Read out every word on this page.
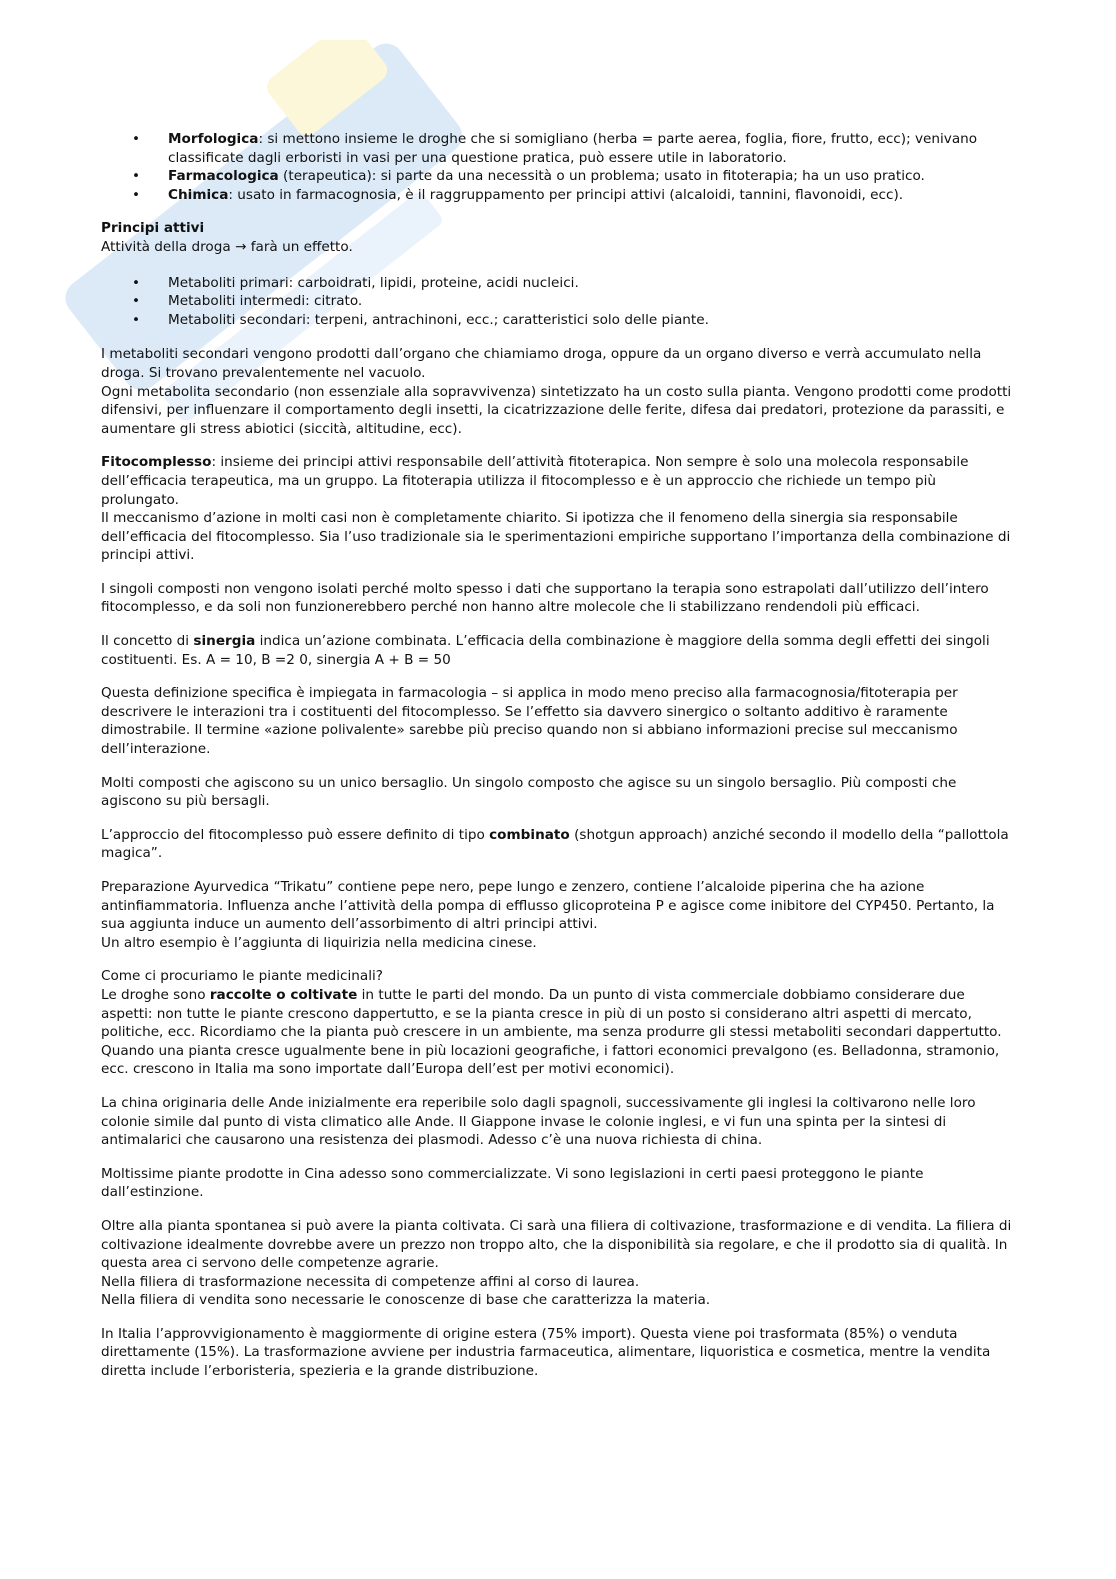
• Morfologica: si mettono insieme le droghe che si somigliano (herba = parte aerea, foglia, fiore, frutto, ecc); venivano classificate dagli erboristi in vasi per una questione pratica, può essere utile in laboratorio.
• Farmacologica (terapeutica): si parte da una necessità o un problema; usato in fitoterapia; ha un uso pratico.
• Chimica: usato in farmacognosia, è il raggruppamento per principi attivi (alcaloidi, tannini, flavonoidi, ecc).

Principi attivi
Attività della droga → farà un effetto.

• Metaboliti primari: carboidrati, lipidi, proteine, acidi nucleici.
• Metaboliti intermedi: citrato.
• Metaboliti secondari: terpeni, antrachinoni, ecc.; caratteristici solo delle piante.

I metaboliti secondari vengono prodotti dall’organo che chiamiamo droga, oppure da un organo diverso e verrà accumulato nella droga. Si trovano prevalentemente nel vacuolo.
Ogni metabolita secondario (non essenziale alla sopravvivenza) sintetizzato ha un costo sulla pianta. Vengono prodotti come prodotti difensivi, per influenzare il comportamento degli insetti, la cicatrizzazione delle ferite, difesa dai predatori, protezione da parassiti, e aumentare gli stress abiotici (siccità, altitudine, ecc).

Fitocomplesso: insieme dei principi attivi responsabile dell’attività fitoterapica. Non sempre è solo una molecola responsabile dell’efficacia terapeutica, ma un gruppo. La fitoterapia utilizza il fitocomplesso e è un approccio che richiede un tempo più prolungato.
Il meccanismo d’azione in molti casi non è completamente chiarito. Si ipotizza che il fenomeno della sinergia sia responsabile dell’efficacia del fitocomplesso. Sia l’uso tradizionale sia le sperimentazioni empiriche supportano l’importanza della combinazione di principi attivi.

I singoli composti non vengono isolati perché molto spesso i dati che supportano la terapia sono estrapolati dall’utilizzo dell’intero fitocomplesso, e da soli non funzionerebbero perché non hanno altre molecole che li stabilizzano rendendoli più efficaci.

Il concetto di sinergia indica un’azione combinata. L’efficacia della combinazione è maggiore della somma degli effetti dei singoli costituenti. Es. A = 10, B =2 0, sinergia A + B = 50

Questa definizione specifica è impiegata in farmacologia – si applica in modo meno preciso alla farmacognosia/fitoterapia per descrivere le interazioni tra i costituenti del fitocomplesso. Se l’effetto sia davvero sinergico o soltanto additivo è raramente dimostrabile. Il termine «azione polivalente» sarebbe più preciso quando non si abbiano informazioni precise sul meccanismo dell’interazione.

Molti composti che agiscono su un unico bersaglio. Un singolo composto che agisce su un singolo bersaglio. Più composti che agiscono su più bersagli.

L’approccio del fitocomplesso può essere definito di tipo combinato (shotgun approach) anziché secondo il modello della “pallottola magica”.

Preparazione Ayurvedica “Trikatu” contiene pepe nero, pepe lungo e zenzero, contiene l’alcaloide piperina che ha azione antinfiammatoria. Influenza anche l’attività della pompa di efflusso glicoproteina P e agisce come inibitore del CYP450. Pertanto, la sua aggiunta induce un aumento dell’assorbimento di altri principi attivi.
Un altro esempio è l’aggiunta di liquirizia nella medicina cinese.

Come ci procuriamo le piante medicinali?
Le droghe sono raccolte o coltivate in tutte le parti del mondo. Da un punto di vista commerciale dobbiamo considerare due aspetti: non tutte le piante crescono dappertutto, e se la pianta cresce in più di un posto si considerano altri aspetti di mercato, politiche, ecc. Ricordiamo che la pianta può crescere in un ambiente, ma senza produrre gli stessi metaboliti secondari dappertutto. Quando una pianta cresce ugualmente bene in più locazioni geografiche, i fattori economici prevalgono (es. Belladonna, stramonio, ecc. crescono in Italia ma sono importate dall’Europa dell’est per motivi economici).

La china originaria delle Ande inizialmente era reperibile solo dagli spagnoli, successivamente gli inglesi la coltivarono nelle loro colonie simile dal punto di vista climatico alle Ande. Il Giappone invase le colonie inglesi, e vi fun una spinta per la sintesi di antimalarici che causarono una resistenza dei plasmodi. Adesso c’è una nuova richiesta di china.

Moltissime piante prodotte in Cina adesso sono commercializzate. Vi sono legislazioni in certi paesi proteggono le piante dall’estinzione.

Oltre alla pianta spontanea si può avere la pianta coltivata. Ci sarà una filiera di coltivazione, trasformazione e di vendita. La filiera di coltivazione idealmente dovrebbe avere un prezzo non troppo alto, che la disponibilità sia regolare, e che il prodotto sia di qualità. In questa area ci servono delle competenze agrarie.
Nella filiera di trasformazione necessita di competenze affini al corso di laurea.
Nella filiera di vendita sono necessarie le conoscenze di base che caratterizza la materia.

In Italia l’approvvigionamento è maggiormente di origine estera (75% import). Questa viene poi trasformata (85%) o venduta direttamente (15%). La trasformazione avviene per industria farmaceutica, alimentare, liquoristica e cosmetica, mentre la vendita diretta include l’erboristeria, spezieria e la grande distribuzione.
